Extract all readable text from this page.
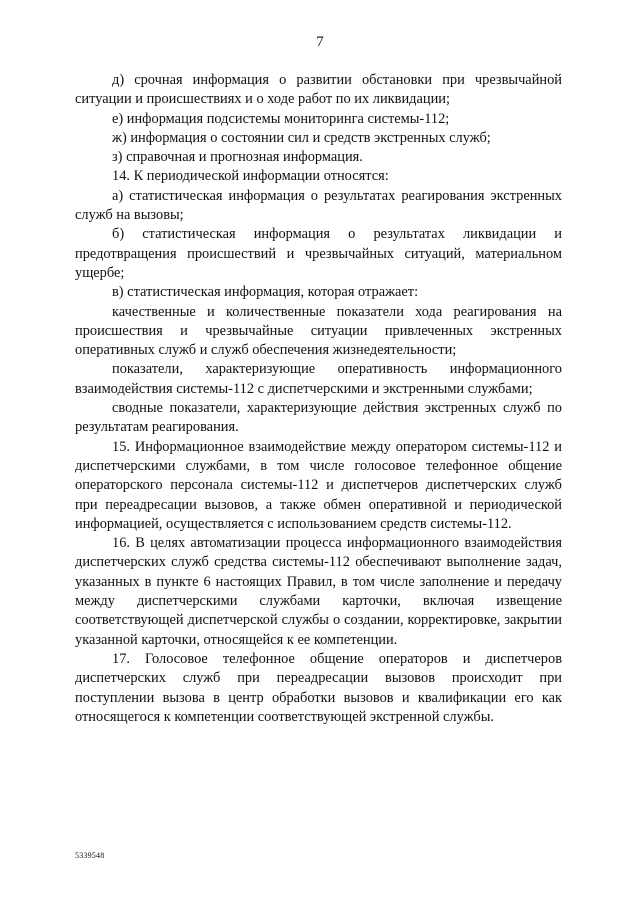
7

д) срочная информация о развитии обстановки при чрезвычайной ситуации и происшествиях и о ходе работ по их ликвидации;

е) информация подсистемы мониторинга системы-112;

ж) информация о состоянии сил и средств экстренных служб;

з) справочная и прогнозная информация.

14. К периодической информации относятся:

а) статистическая информация о результатах реагирования экстренных служб на вызовы;

б) статистическая информация о результатах ликвидации и предотвращения происшествий и чрезвычайных ситуаций, материальном ущербе;

в) статистическая информация, которая отражает:

качественные и количественные показатели хода реагирования на происшествия и чрезвычайные ситуации привлеченных экстренных оперативных служб и служб обеспечения жизнедеятельности;

показатели, характеризующие оперативность информационного взаимодействия системы-112 с диспетчерскими и экстренными службами;

сводные показатели, характеризующие действия экстренных служб по результатам реагирования.

15. Информационное взаимодействие между оператором системы-112 и диспетчерскими службами, в том числе голосовое телефонное общение операторского персонала системы-112 и диспетчеров диспетчерских служб при переадресации вызовов, а также обмен оперативной и периодической информацией, осуществляется с использованием средств системы-112.

16. В целях автоматизации процесса информационного взаимодействия диспетчерских служб средства системы-112 обеспечивают выполнение задач, указанных в пункте 6 настоящих Правил, в том числе заполнение и передачу между диспетчерскими службами карточки, включая извещение соответствующей диспетчерской службы о создании, корректировке, закрытии указанной карточки, относящейся к ее компетенции.

17. Голосовое телефонное общение операторов и диспетчеров диспетчерских служб при переадресации вызовов происходит при поступлении вызова в центр обработки вызовов и квалификации его как относящегося к компетенции соответствующей экстренной службы.

5339548
